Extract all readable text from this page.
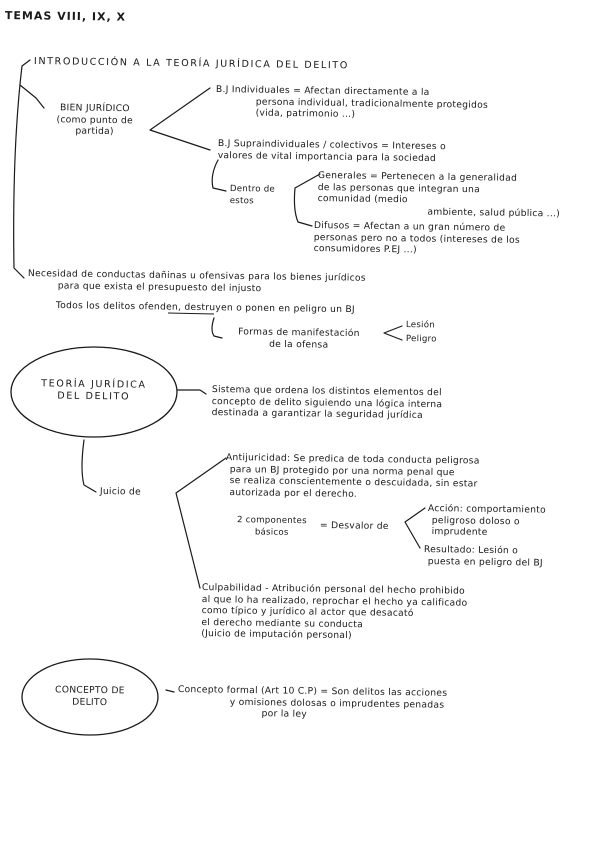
TEMAS VIII, IX, X
INTRODUCCIÓN A LA TEORÍA JURÍDICA DEL DELITO
BIEN JURÍDICO
(como punto de
partida)
B.J Individuales = Afectan directamente a la
persona individual, tradicionalmente protegidos
(vida, patrimonio ...)
B.J Supraindividuales / colectivos = Intereses o
valores de vital importancia para la sociedad
Dentro de
estos
Generales = Pertenecen a la generalidad
de las personas que integran una
comunidad (medio
ambiente, salud pública ...)
Difusos = Afectan a un gran número de
personas pero no a todos (intereses de los
consumidores P.EJ ...)
Necesidad de conductas dañinas u ofensivas para los bienes jurídicos
para que exista el presupuesto del injusto
Todos los delitos ofenden, destruyen o ponen en peligro un BJ
Formas de manifestación
de la ofensa
Lesión
Peligro
TEORÍA JURÍDICA
DEL DELITO	Sistema que ordena los distintos elementos del
concepto de delito siguiendo una lógica interna
destinada a garantizar la seguridad jurídica
Juicio de
Antijuricidad: Se predica de toda conducta peligrosa
para un BJ protegido por una norma penal que
se realiza conscientemente o descuidada, sin estar
autorizada por el derecho.
2 componentes
básicos
= Desvalor de
Acción: comportamiento
peligroso doloso o
imprudente
Resultado: Lesión o
puesta en peligro del BJ
Culpabilidad - Atribución personal del hecho prohibido
al que lo ha realizado, reprochar el hecho ya calificado
como típico y jurídico al actor que desacató
el derecho mediante su conducta
(Juicio de imputación personal)
CONCEPTO DE
DELITO
Concepto formal (Art 10 C.P) = Son delitos las acciones
y omisiones dolosas o imprudentes penadas
por la ley
